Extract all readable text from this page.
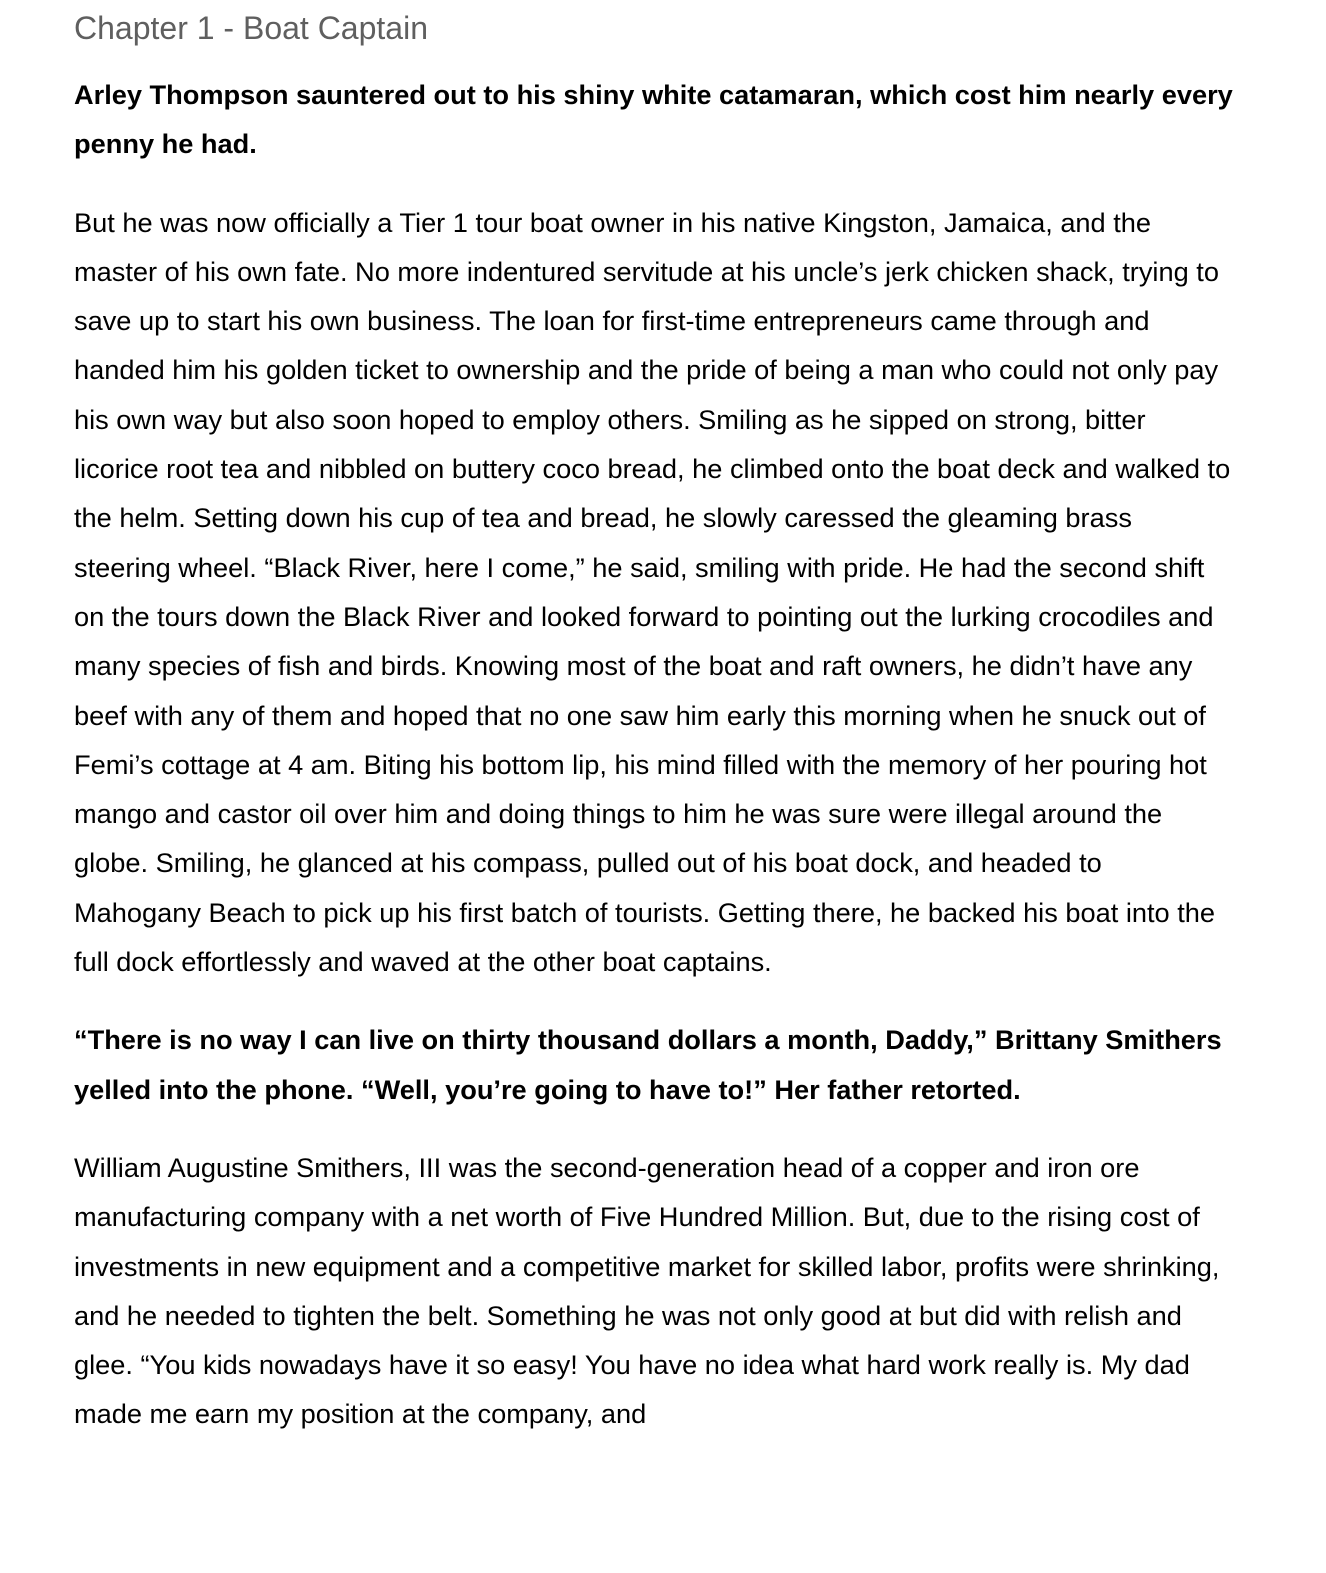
Chapter 1 - Boat Captain

Arley Thompson sauntered out to his shiny white catamaran, which cost him nearly every penny he had.

But he was now officially a Tier 1 tour boat owner in his native Kingston, Jamaica, and the master of his own fate. No more indentured servitude at his uncle’s jerk chicken shack, trying to save up to start his own business. The loan for first-time entrepreneurs came through and handed him his golden ticket to ownership and the pride of being a man who could not only pay his own way but also soon hoped to employ others. Smiling as he sipped on strong, bitter licorice root tea and nibbled on buttery coco bread, he climbed onto the boat deck and walked to the helm. Setting down his cup of tea and bread, he slowly caressed the gleaming brass steering wheel. “Black River, here I come,” he said, smiling with pride. He had the second shift on the tours down the Black River and looked forward to pointing out the lurking crocodiles and many species of fish and birds. Knowing most of the boat and raft owners, he didn’t have any beef with any of them and hoped that no one saw him early this morning when he snuck out of Femi’s cottage at 4 am. Biting his bottom lip, his mind filled with the memory of her pouring hot mango and castor oil over him and doing things to him he was sure were illegal around the globe. Smiling, he glanced at his compass, pulled out of his boat dock, and headed to Mahogany Beach to pick up his first batch of tourists. Getting there, he backed his boat into the full dock effortlessly and waved at the other boat captains.

“There is no way I can live on thirty thousand dollars a month, Daddy,” Brittany Smithers yelled into the phone. “Well, you’re going to have to!” Her father retorted.

William Augustine Smithers, III was the second-generation head of a copper and iron ore manufacturing company with a net worth of Five Hundred Million. But, due to the rising cost of investments in new equipment and a competitive market for skilled labor, profits were shrinking, and he needed to tighten the belt. Something he was not only good at but did with relish and glee. “You kids nowadays have it so easy! You have no idea what hard work really is. My dad made me earn my position at the company, and
